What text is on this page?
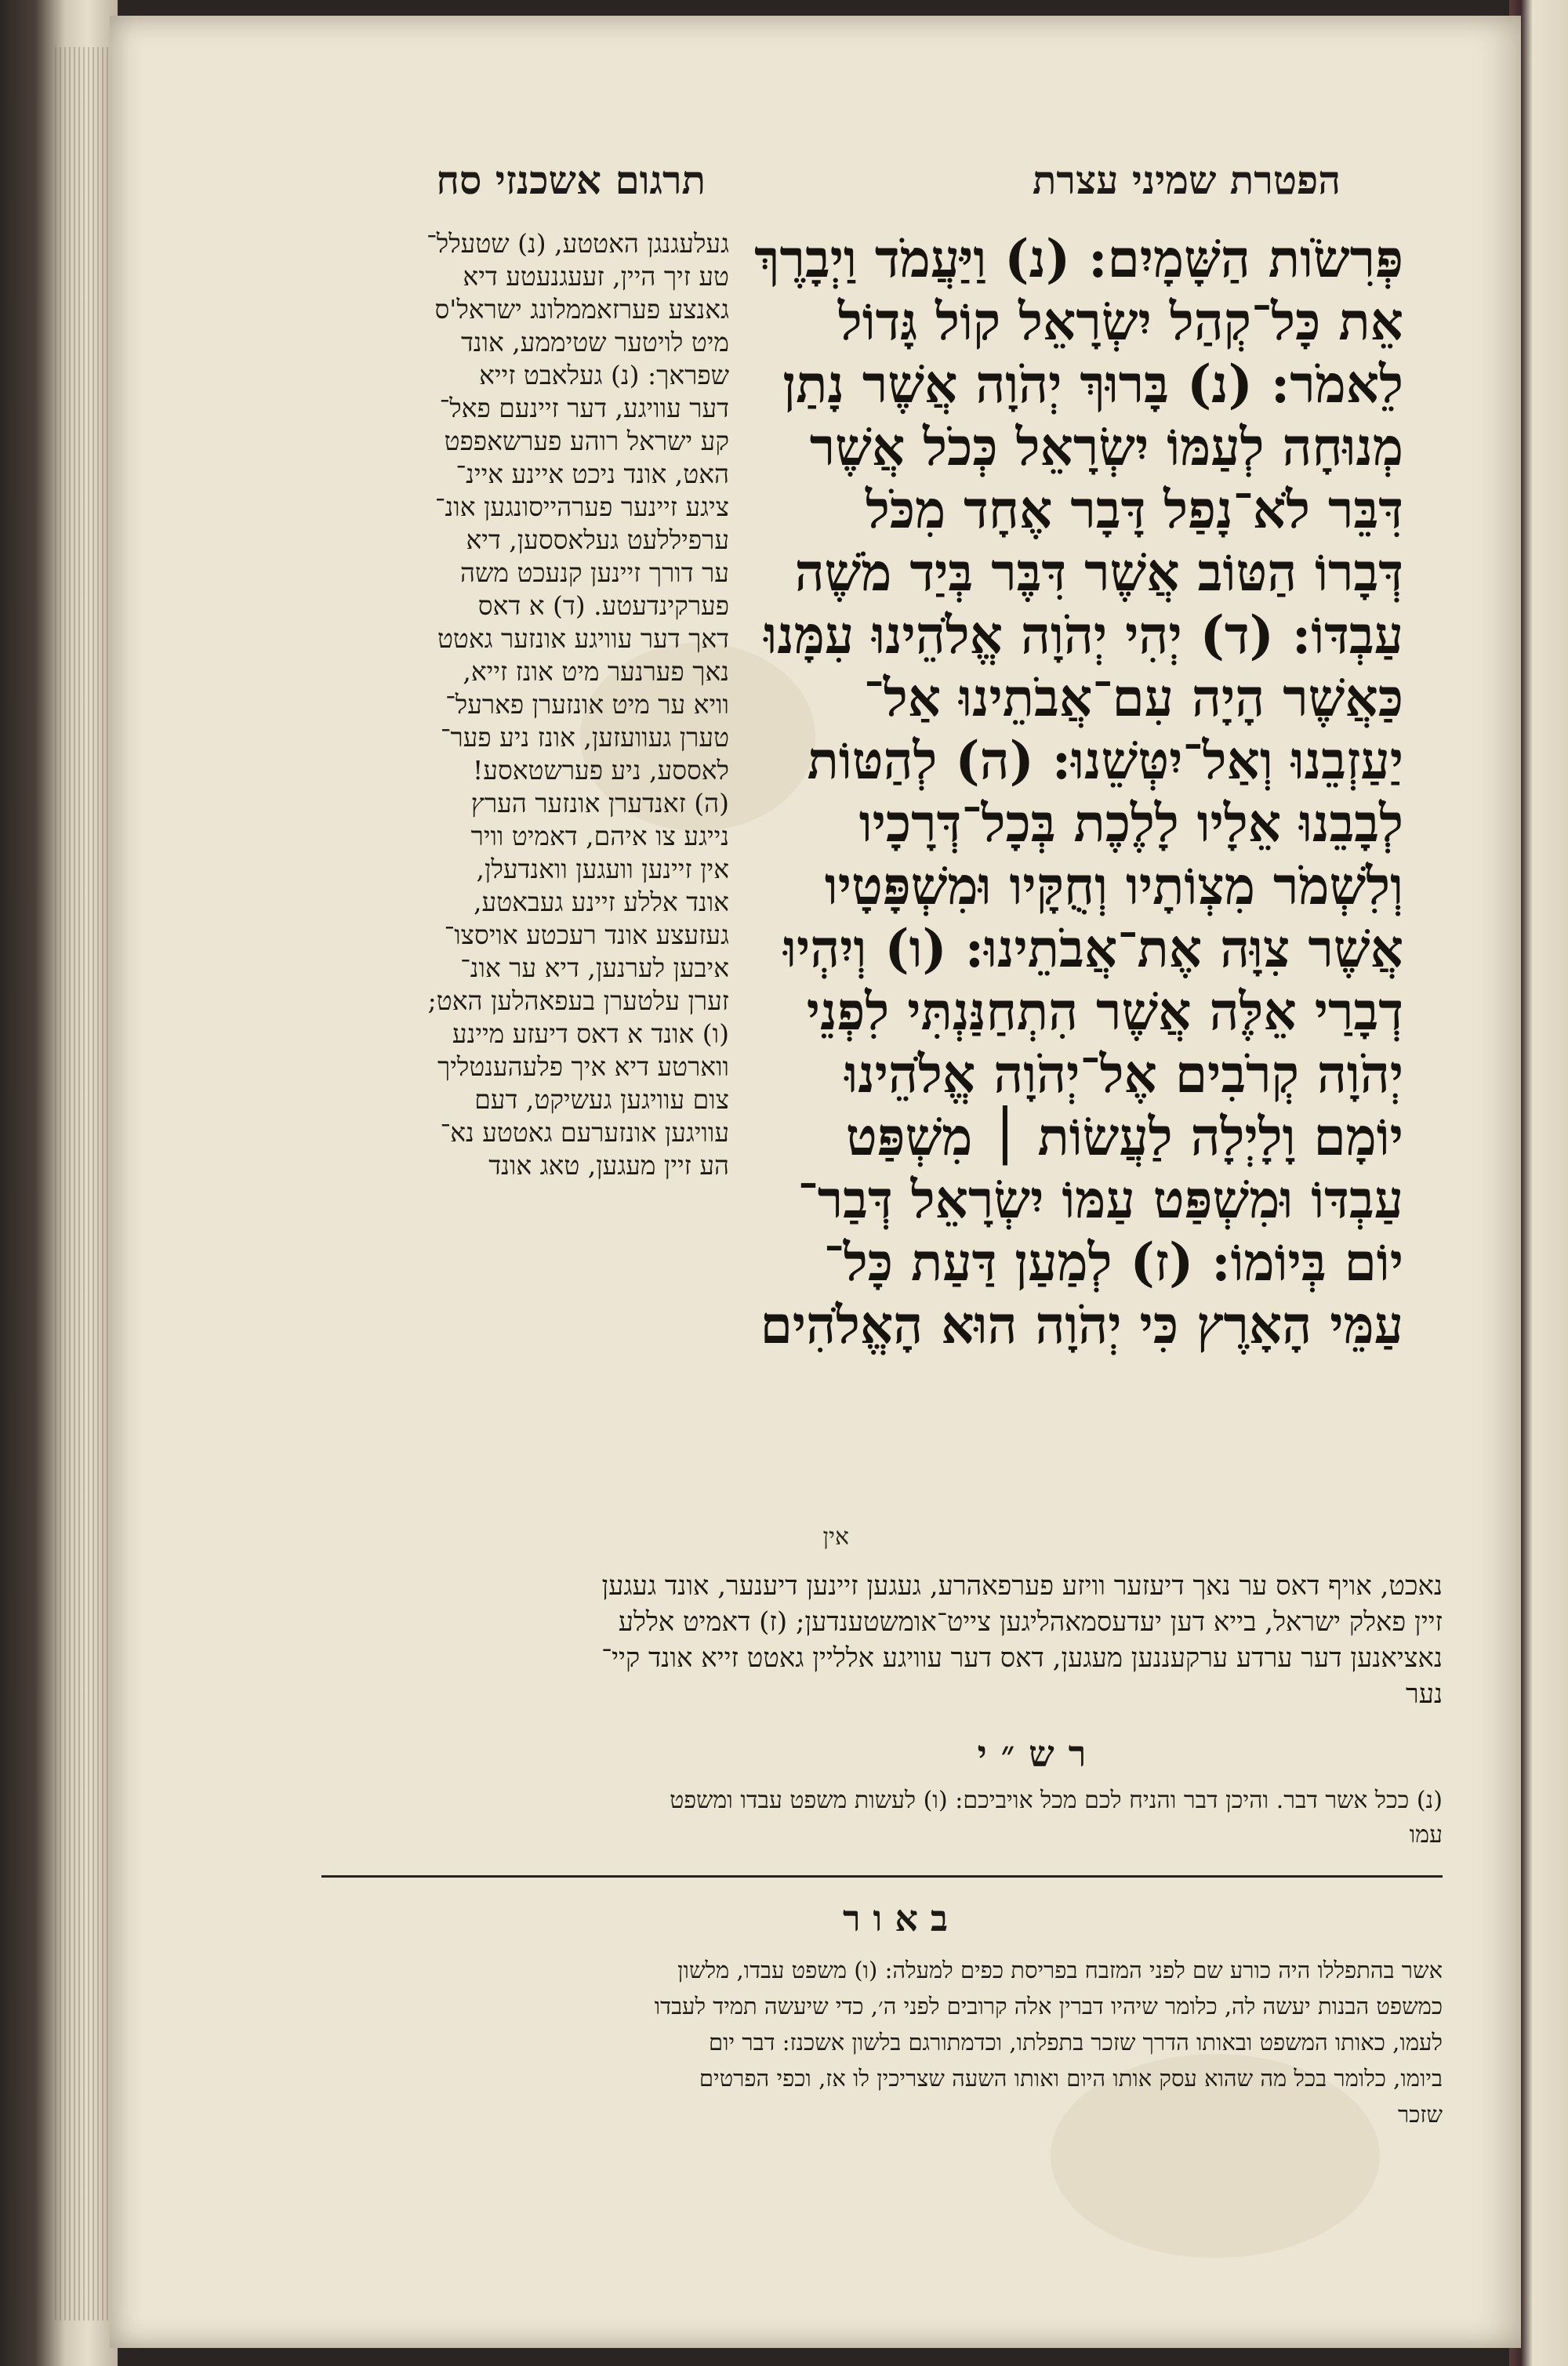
הפטרת שמיני עצרת
תרגום אשכנזי סח
פְּרִשֹׂות הַשָּׁמָיִם: (נ) וַיַּעֲמֹד וַיְבָרֶךְ
אֵת כָּל־קְהַל יִשְׂרָאֵל קוֹל גָּדוֹל
לֵאמֹר: (נ) בָּרוּךְ יְהֹוָה אֲשֶׁר נָתַן
מְנוּחָה לְעַמּוֹ יִשְׂרָאֵל כְּכֹל אֲשֶׁר
דִּבֵּר לֹא־נָפַל דָּבָר אֶחָד מִכֹּל
דְּבָרוֹ הַטּוֹב אֲשֶׁר דִּבֶּר בְּיַד מֹשֶׁה
עַבְדּוֹ: (ד) יְהִי יְהֹוָה אֱלֹהֵינוּ עִמָּנוּ
כַּאֲשֶׁר הָיָה עִם־אֲבֹתֵינוּ אַל־
יַעַזְבֵנוּ וְאַל־יִטְּשֵׁנוּ: (ה) לְהַטּוֹת
לְבָבֵנוּ אֵלָיו לָלֶכֶת בְּכָל־דְּרָכָיו
וְלִשְׁמֹר מִצְוֹתָיו וְחֻקָּיו וּמִשְׁפָּטָיו
אֲשֶׁר צִוָּה אֶת־אֲבֹתֵינוּ: (ו) וְיִהְיוּ
דְבָרַי אֵלֶּה אֲשֶׁר הִתְחַנַּנְתִּי לִפְנֵי
יְהֹוָה קְרֹבִים אֶל־יְהֹוָה אֱלֹהֵינוּ
יוֹמָם וָלָיְלָה לַעֲשׂוֹת ׀ מִשְׁפַּט
עַבְדּוֹ וּמִשְׁפַּט עַמּוֹ יִשְׂרָאֵל דְּבַר־
יוֹם בְּיוֹמוֹ: (ז) לְמַעַן דַּעַת כָּל־
עַמֵּי הָאָרֶץ כִּי יְהֹוָה הוּא הָאֱלֹהִים
געלעגנגן האטטע, (נ) שטעלל־
טע זיך היין, זעעגנעטע דיא
גאנצע פערזאממלונג ישראל'ס
מיט לויטער שטיממע, אונד
שפראך: (נ) געלאבט זייא
דער עוויגע, דער זיינעם פאל־
קע ישראל רוהע פערשאפפט
האט, אונד ניכט איינע איינ־
ציגע זיינער פערהייסונגען אונ־
ערפיללעט געלאססען, דיא
ער דורך זיינען קנעכט משה
פערקינדעטע. (ד) א דאס
דאך דער עוויגע אונזער גאטט
נאך פערנער מיט אונז זייא,
וויא ער מיט אונזערן פארעל־
טערן געוועזען, אונז ניע פער־
לאססע, ניע פערשטאסע!
(ה) זאנדערן אונזער הערץ
נייגע צו איהם, דאמיט וויר
אין זיינען וועגען וואנדעלן,
אונד אללע זיינע געבאטע,
געזעצע אונד רעכטע אויסצו־
איבען לערנען, דיא ער אונ־
זערן עלטערן בעפאהלען האט;
(ו) אונד א דאס דיעזע מיינע
ווארטע דיא איך פלעהענטליך
צום עוויגען געשיקט, דעם
עוויגען אונזערעם גאטטע נא־
הע זיין מעגען, טאג אונד
אין
נאכט, אויף דאס ער נאך דיעזער וויזע פערפאהרע, געגען זיינען דיענער, אונד געגען
זיין פאלק ישראל, בייא דען יעדעסמאהליגען צייט־אומשטענדען; (ז) דאמיט אללע
נאציאנען דער ערדע ערקעננען מעגען, דאס דער עוויגע אלליין גאטט זייא אונד קיי־
נער
רש״י
(נ) ככל אשר דבר. והיכן דבר והניח לכם מכל אויביכם: (ו) לעשות משפט עבדו ומשפט
עמו
באור
אשר בהתפללו היה כורע שם לפני המזבח בפריסת כפים למעלה: (ו) משפט עבדו, מלשון
כמשפט הבנות יעשה לה, כלומר שיהיו דברין אלה קרובים לפני ה׳, כדי שיעשה תמיד לעבדו
לעמו, כאותו המשפט ובאותו הדרך שזכר בתפלתו, וכדמתורגם בלשון אשכנז: דבר יום
ביומו, כלומר בכל מה שהוא עסק אותו היום ואותו השעה שצריכין לו אז, וכפי הפרטים
שזכר
